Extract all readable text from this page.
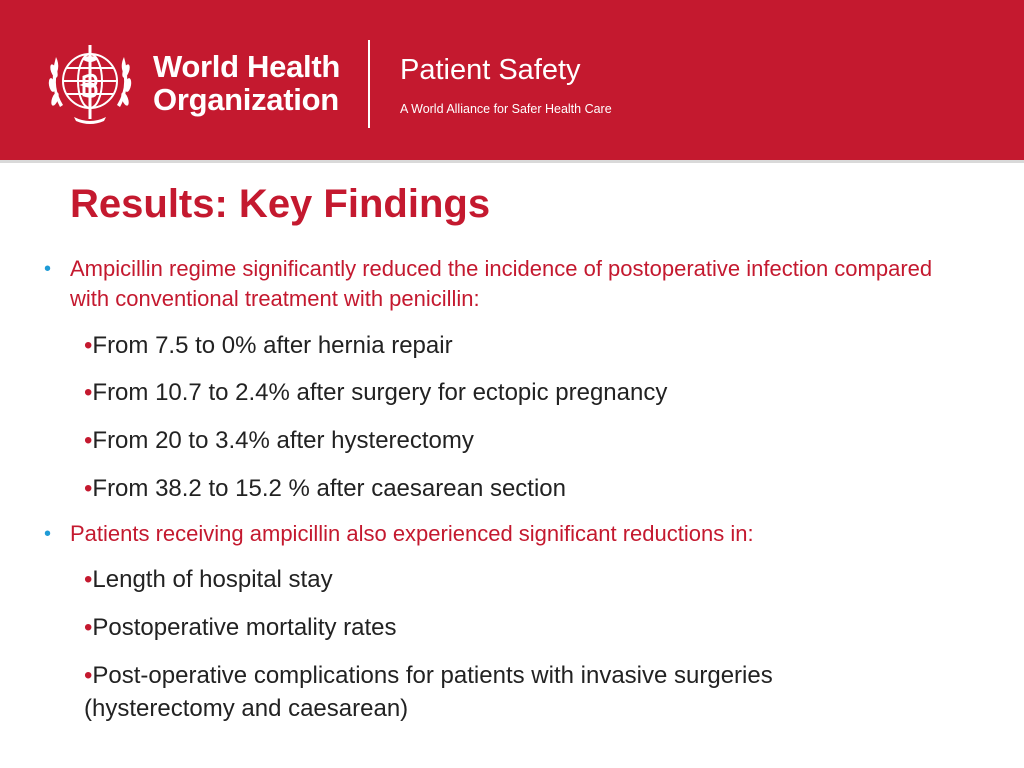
World Health
Organization
Patient Safety
A World Alliance for Safer Health Care
Results: Key Findings
• Ampicillin regime significantly reduced the incidence of postoperative infection compared with conventional treatment with penicillin:
•From 7.5 to 0% after hernia repair
•From 10.7 to 2.4% after surgery for ectopic pregnancy
•From 20 to 3.4% after hysterectomy
•From 38.2 to 15.2 % after caesarean section
• Patients receiving ampicillin also experienced significant reductions in:
•Length of hospital stay
•Postoperative mortality rates
•Post-operative complications for patients with invasive surgeries (hysterectomy and caesarean)
